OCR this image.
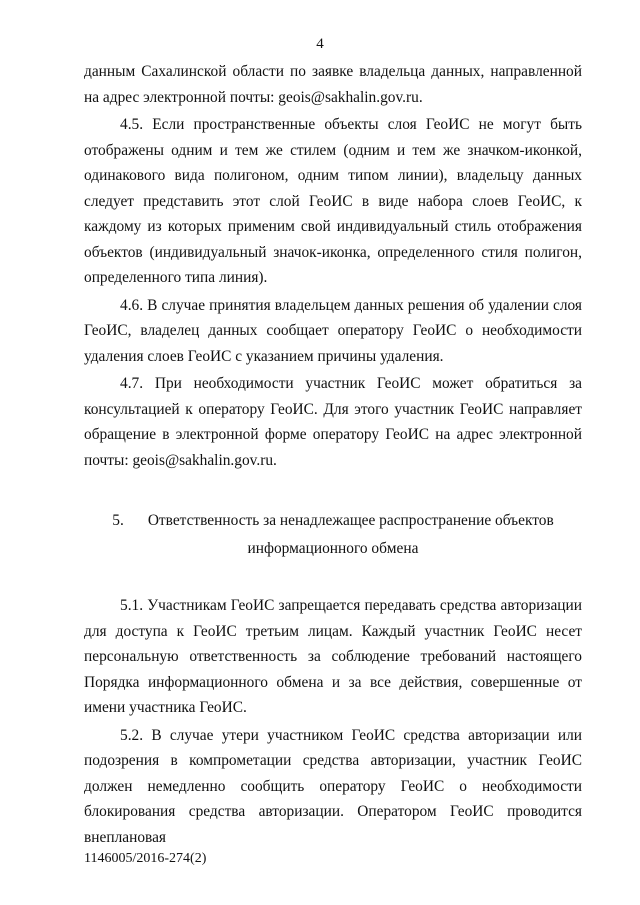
4

данным Сахалинской области по заявке владельца данных, направленной на адрес электронной почты: geois@sakhalin.gov.ru.

4.5. Если пространственные объекты слоя ГеоИС не могут быть отображены одним и тем же стилем (одним и тем же значком-иконкой, одинакового вида полигоном, одним типом линии), владельцу данных следует представить этот слой ГеоИС в виде набора слоев ГеоИС, к каждому из которых применим свой индивидуальный стиль отображения объектов (индивидуальный значок-иконка, определенного стиля полигон, определенного типа линия).

4.6. В случае принятия владельцем данных решения об удалении слоя ГеоИС, владелец данных сообщает оператору ГеоИС о необходимости удаления слоев ГеоИС с указанием причины удаления.

4.7. При необходимости участник ГеоИС может обратиться за консультацией к оператору ГеоИС. Для этого участник ГеоИС направляет обращение в электронной форме оператору ГеоИС на адрес электронной почты: geois@sakhalin.gov.ru.

5. Ответственность за ненадлежащее распространение объектов
информационного обмена

5.1. Участникам ГеоИС запрещается передавать средства авторизации для доступа к ГеоИС третьим лицам. Каждый участник ГеоИС несет персональную ответственность за соблюдение требований настоящего Порядка информационного обмена и за все действия, совершенные от имени участника ГеоИС.

5.2. В случае утери участником ГеоИС средства авторизации или подозрения в компрометации средства авторизации, участник ГеоИС должен немедленно сообщить оператору ГеоИС о необходимости блокирования средства авторизации. Оператором ГеоИС проводится внеплановая

1146005/2016-274(2)
